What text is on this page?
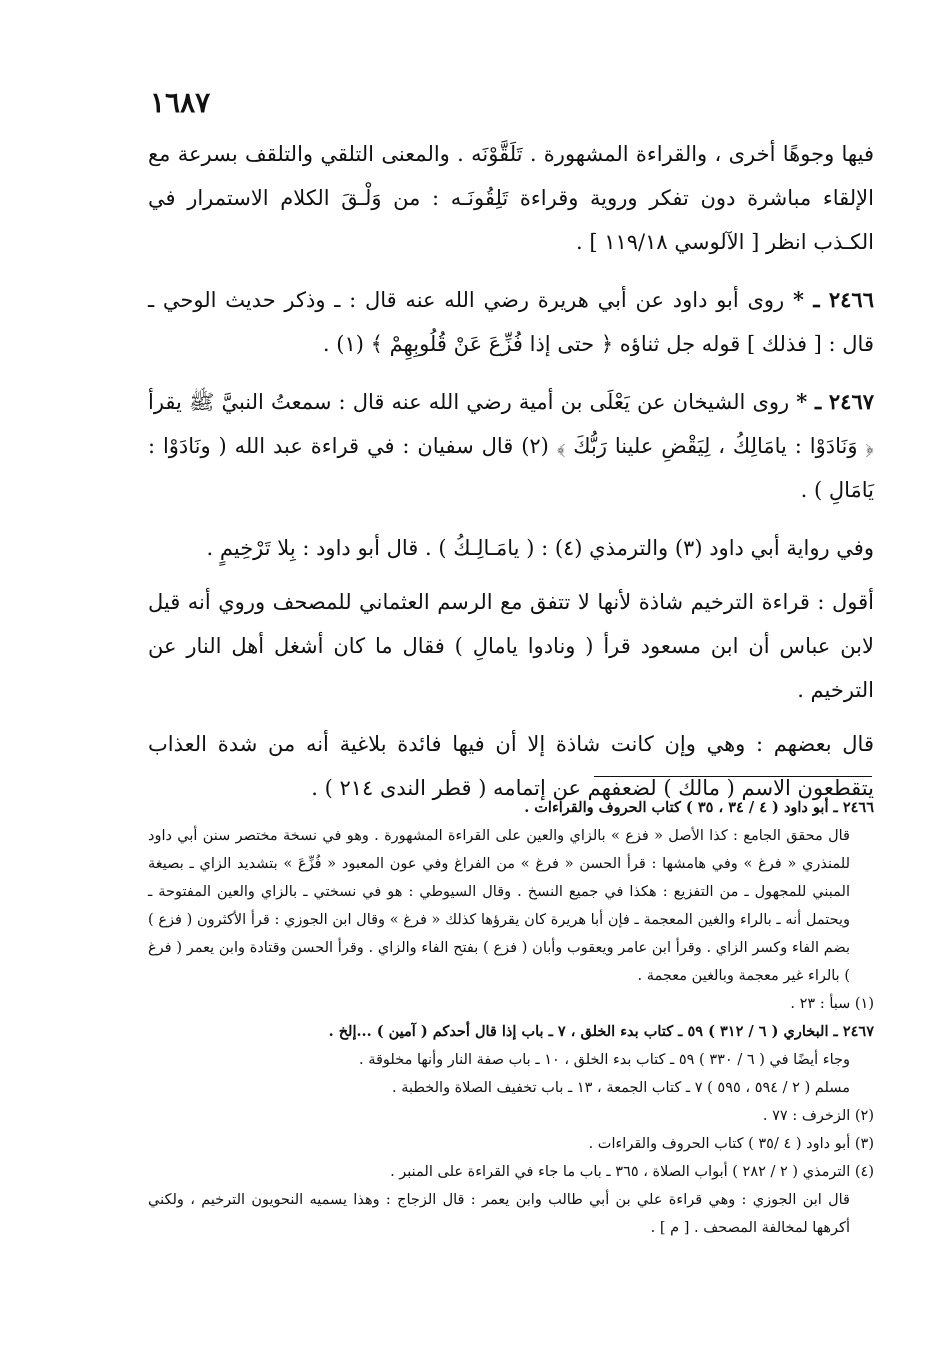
١٦٨٧

فيها وجوهًا أخرى ، والقراءة المشهورة . تَلَقَّوْنَه . والمعنى التلقي والتلقف بسرعة مع الإلقاء مباشرة دون تفكر وروية وقراءة تَلِقُونَـه : من وَلْـقَ الكلام الاستمرار في الكـذب انظر [ الآلوسي ١١٩/١٨ ] .

٢٤٦٦ ـ * روى أبو داود عن أبي هريرة رضي الله عنه قال : ـ وذكر حديث الوحي ـ قال : [ فذلك ] قوله جل ثناؤه ﴿ حتى إذا فُزِّعَ عَنْ قُلُوبِهِمْ ﴾ (١) .

٢٤٦٧ ـ * روى الشيخان عن يَعْلَى بن أمية رضي الله عنه قال : سمعتُ النبيَّ ﷺ يقرأ ﴿ وَنَادَوْا : يامَالِكُ ، لِيَقْضِ علينا رَبُّكَ ﴾ (٢) قال سفيان : في قراءة عبد الله ( ونَادَوْا : يَامَالِ ) .

وفي رواية أبي داود (٣) والترمذي (٤) : ( يامَـالِـكُ ) . قال أبو داود : بِلا تَرْخِيمٍ .

أقول : قراءة الترخيم شاذة لأنها لا تتفق مع الرسم العثماني للمصحف وروي أنه قيل لابن عباس أن ابن مسعود قرأ ( ونادوا يامالِ ) فقال ما كان أشغل أهل النار عن الترخيم .

قال بعضهم : وهي وإن كانت شاذة إلا أن فيها فائدة بلاغية أنه من شدة العذاب يتقطعون الاسم ( مالك ) لضعفهم عن إتمامه ( قطر الندى ٢١٤ ) .

٢٤٦٦ ـ أبو داود ( ٤ / ٣٤ ، ٣٥ ) كتاب الحروف والقراءات .

قال محقق الجامع : كذا الأصل « فزع » بالزاي والعين على القراءة المشهورة . وهو في نسخة مختصر سنن أبي داود للمنذري « فرغ » وفي هامشها : قرأ الحسن « فرغ » من الفراغ وفي عون المعبود « فُزِّعَ » بتشديد الزاي ـ بصيغة المبني للمجهول ـ من التفزيع : هكذا في جميع النسخ . وقال السيوطي : هو في نسختي ـ بالزاي والعين المفتوحة ـ ويحتمل أنه ـ بالراء والغين المعجمة ـ فإن أبا هريرة كان يقرؤها كذلك « فرغ » وقال ابن الجوزي : قرأ الأكثرون ( فزع ) بضم الفاء وكسر الزاي . وقرأ ابن عامر ويعقوب وأبان ( فزع ) بفتح الفاء والزاي . وقرأ الحسن وقتادة وابن يعمر ( فرغ ) بالراء غير معجمة وبالغين معجمة .

(١) سبأ : ٢٣ .

٢٤٦٧ ـ البخاري ( ٦ / ٣١٢ ) ٥٩ ـ كتاب بدء الخلق ، ٧ ـ باب إذا قال أحدكم ( آمين ) ...إلخ .

وجاء أيضًا في ( ٦ / ٣٣٠ ) ٥٩ ـ كتاب بدء الخلق ، ١٠ ـ باب صفة النار وأنها مخلوقة .

مسلم ( ٢ / ٥٩٤ ، ٥٩٥ ) ٧ ـ كتاب الجمعة ، ١٣ ـ باب تخفيف الصلاة والخطبة .

(٢) الزخرف : ٧٧ .

(٣) أبو داود ( ٤ /٣٥ ) كتاب الحروف والقراءات .

(٤) الترمذي ( ٢ / ٢٨٢ ) أبواب الصلاة ، ٣٦٥ ـ باب ما جاء في القراءة على المنبر .

قال ابن الجوزي : وهي قراءة علي بن أبي طالب وابن يعمر : قال الزجاج : وهذا يسميه النحويون الترخيم ، ولكني أكرهها لمخالفة المصحف . [ م ] .
